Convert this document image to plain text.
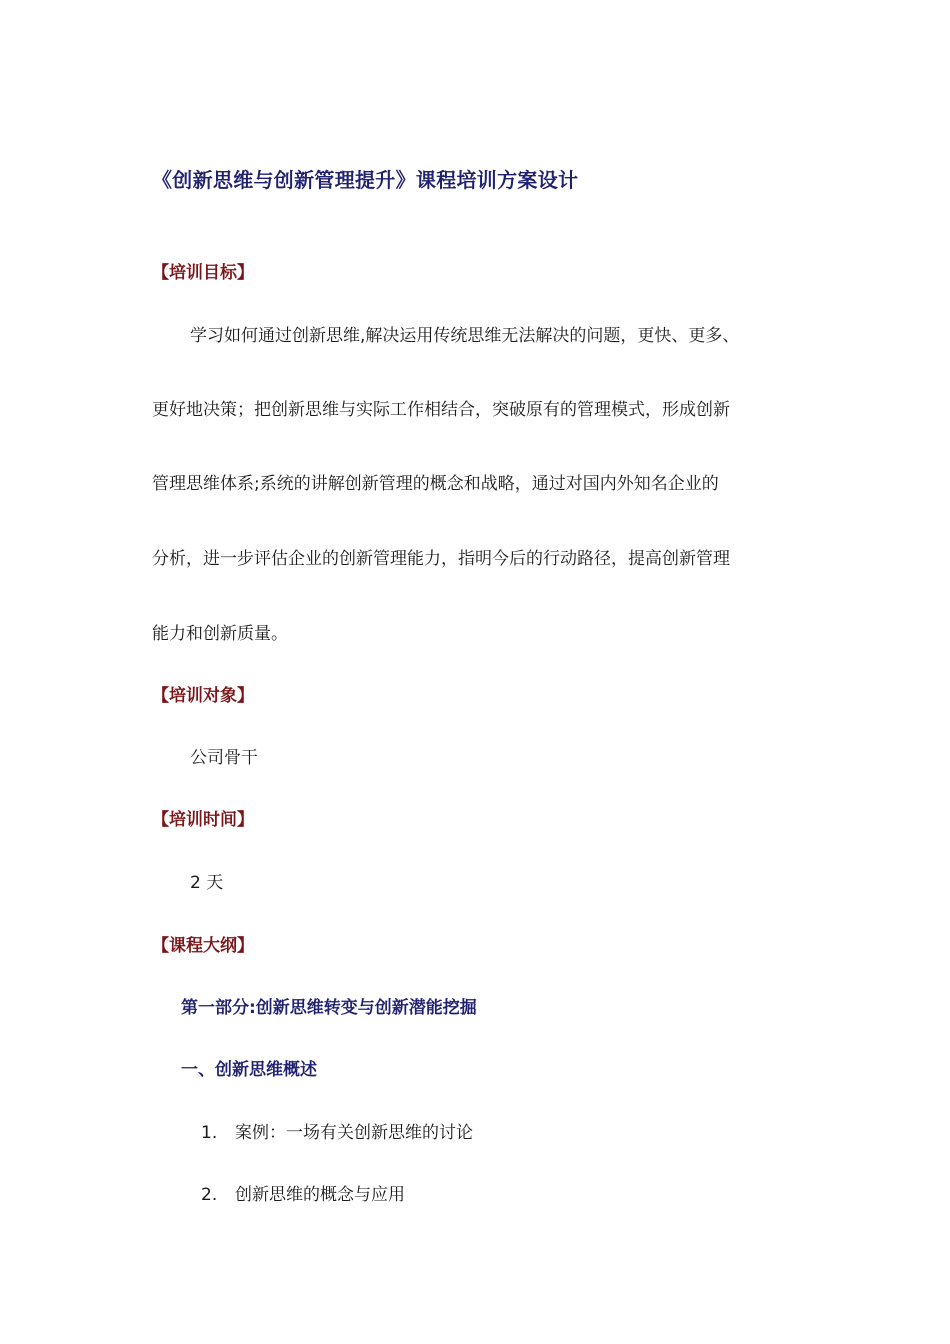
《创新思维与创新管理提升》课程培训方案设计
【培训目标】
学习如何通过创新思维,解决运用传统思维无法解决的问题，更快、更多、
更好地决策；把创新思维与实际工作相结合，突破原有的管理模式，形成创新
管理思维体系;系统的讲解创新管理的概念和战略，通过对国内外知名企业的
分析，进一步评估企业的创新管理能力，指明今后的行动路径，提高创新管理
能力和创新质量。
【培训对象】
公司骨干
【培训时间】
2 天
【课程大纲】
第一部分:创新思维转变与创新潜能挖掘
一、创新思维概述
1. 案例：一场有关创新思维的讨论
2. 创新思维的概念与应用
